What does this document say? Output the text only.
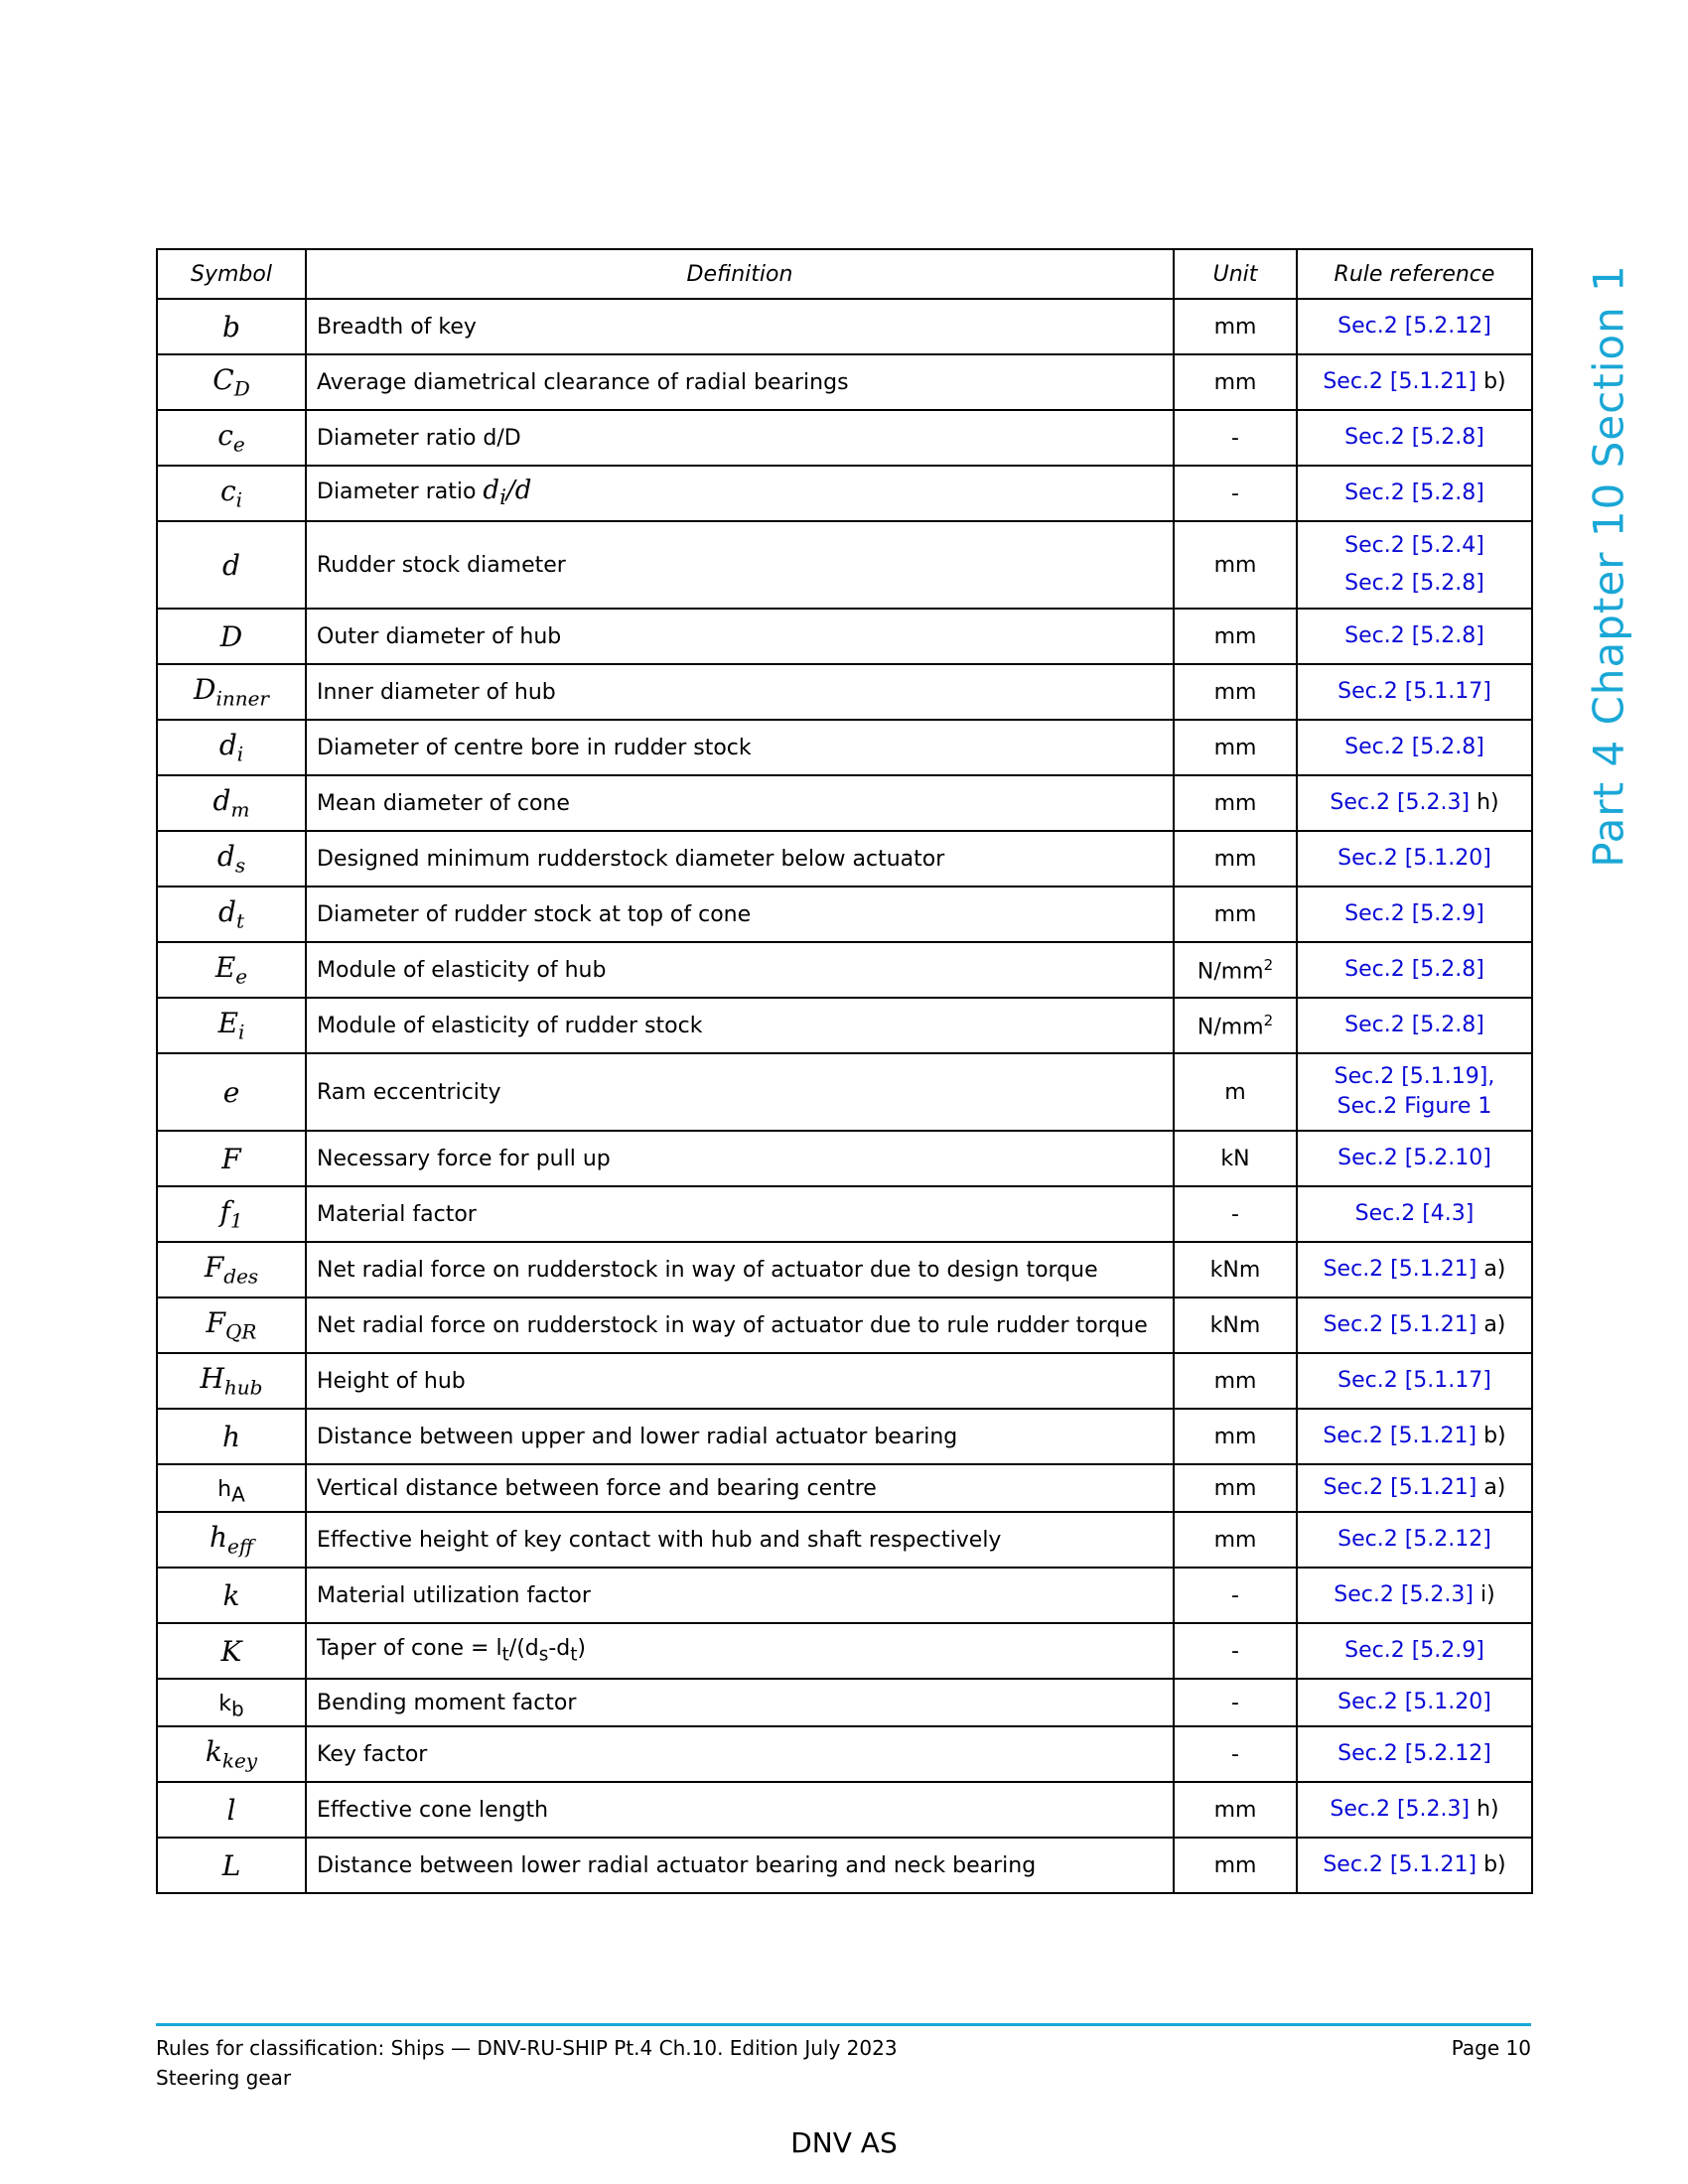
Part 4 Chapter 10 Section 1
Symbol	Definition	Unit	Rule reference
b	Breadth of key	mm	Sec.2 [5.2.12]
$C_D$	Average diametrical clearance of radial bearings	mm	Sec.2 [5.1.21] b)
$c_e$	Diameter ratio d/D	-	Sec.2 [5.2.8]
$c_i$	Diameter ratio $d_i/d$	-	Sec.2 [5.2.8]
d	Rudder stock diameter	mm	Sec.2 [5.2.4]
Sec.2 [5.2.8]
D	Outer diameter of hub	mm	Sec.2 [5.2.8]
$D_{inner}$	Inner diameter of hub	mm	Sec.2 [5.1.17]
$d_i$	Diameter of centre bore in rudder stock	mm	Sec.2 [5.2.8]
$d_m$	Mean diameter of cone	mm	Sec.2 [5.2.3] h)
$d_s$	Designed minimum rudderstock diameter below actuator	mm	Sec.2 [5.1.20]
$d_t$	Diameter of rudder stock at top of cone	mm	Sec.2 [5.2.9]
$E_e$	Module of elasticity of hub	$N/mm^2$	Sec.2 [5.2.8]
$E_i$	Module of elasticity of rudder stock	$N/mm^2$	Sec.2 [5.2.8]
e	Ram eccentricity	m	Sec.2 [5.1.19],
Sec.2 Figure 1
F	Necessary force for pull up	kN	Sec.2 [5.2.10]
$f_1$	Material factor	-	Sec.2 [4.3]
$F_{des}$	Net radial force on rudderstock in way of actuator due to design torque	kNm	Sec.2 [5.1.21] a)
$F_{QR}$	Net radial force on rudderstock in way of actuator due to rule rudder torque	kNm	Sec.2 [5.1.21] a)
$H_{hub}$	Height of hub	mm	Sec.2 [5.1.17]
h	Distance between upper and lower radial actuator bearing	mm	Sec.2 [5.1.21] b)
$h_A$	Vertical distance between force and bearing centre	mm	Sec.2 [5.1.21] a)
$h_{eff}$	Effective height of key contact with hub and shaft respectively	mm	Sec.2 [5.2.12]
k	Material utilization factor	-	Sec.2 [5.2.3] i)
K	Taper of cone = $l_t/(d_s-d_t)$	-	Sec.2 [5.2.9]
$k_b$	Bending moment factor	-	Sec.2 [5.1.20]
$k_{key}$	Key factor	-	Sec.2 [5.2.12]
l	Effective cone length	mm	Sec.2 [5.2.3] h)
L	Distance between lower radial actuator bearing and neck bearing	mm	Sec.2 [5.1.21] b)
Rules for classification: Ships — DNV-RU-SHIP Pt.4 Ch.10. Edition July 2023
Steering gear
Page 10
DNV AS
